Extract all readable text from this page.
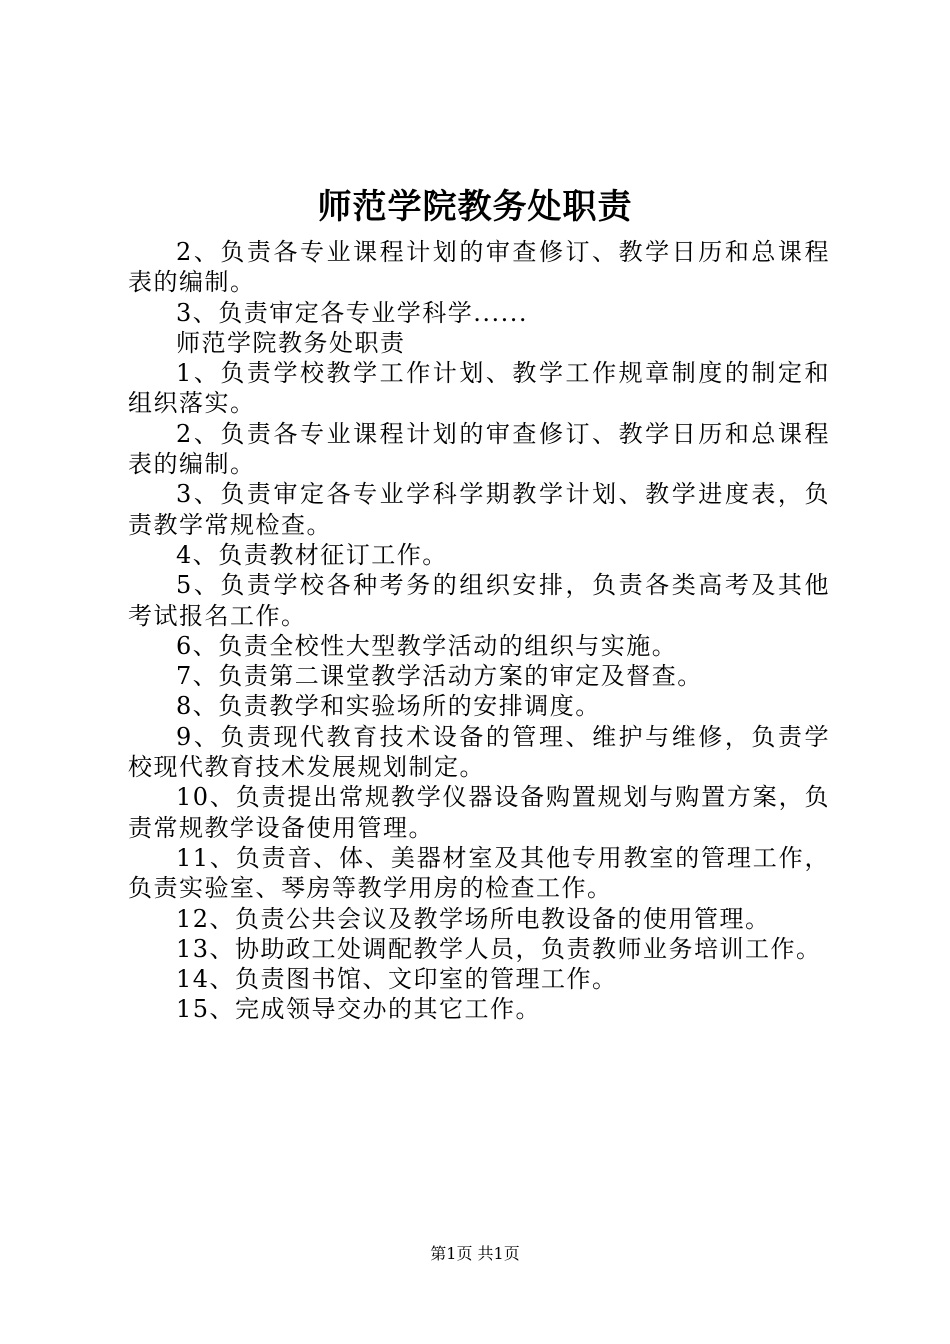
师范学院教务处职责

2、负责各专业课程计划的审查修订、教学日历和总课程表的编制。

3、负责审定各专业学科学......

师范学院教务处职责

1、负责学校教学工作计划、教学工作规章制度的制定和组织落实。

2、负责各专业课程计划的审查修订、教学日历和总课程表的编制。

3、负责审定各专业学科学期教学计划、教学进度表，负责教学常规检查。

4、负责教材征订工作。

5、负责学校各种考务的组织安排，负责各类高考及其他考试报名工作。

6、负责全校性大型教学活动的组织与实施。

7、负责第二课堂教学活动方案的审定及督查。

8、负责教学和实验场所的安排调度。

9、负责现代教育技术设备的管理、维护与维修，负责学校现代教育技术发展规划制定。

10、负责提出常规教学仪器设备购置规划与购置方案，负责常规教学设备使用管理。

11、负责音、体、美器材室及其他专用教室的管理工作，负责实验室、琴房等教学用房的检查工作。

12、负责公共会议及教学场所电教设备的使用管理。

13、协助政工处调配教学人员，负责教师业务培训工作。

14、负责图书馆、文印室的管理工作。

15、完成领导交办的其它工作。

第1页 共1页
